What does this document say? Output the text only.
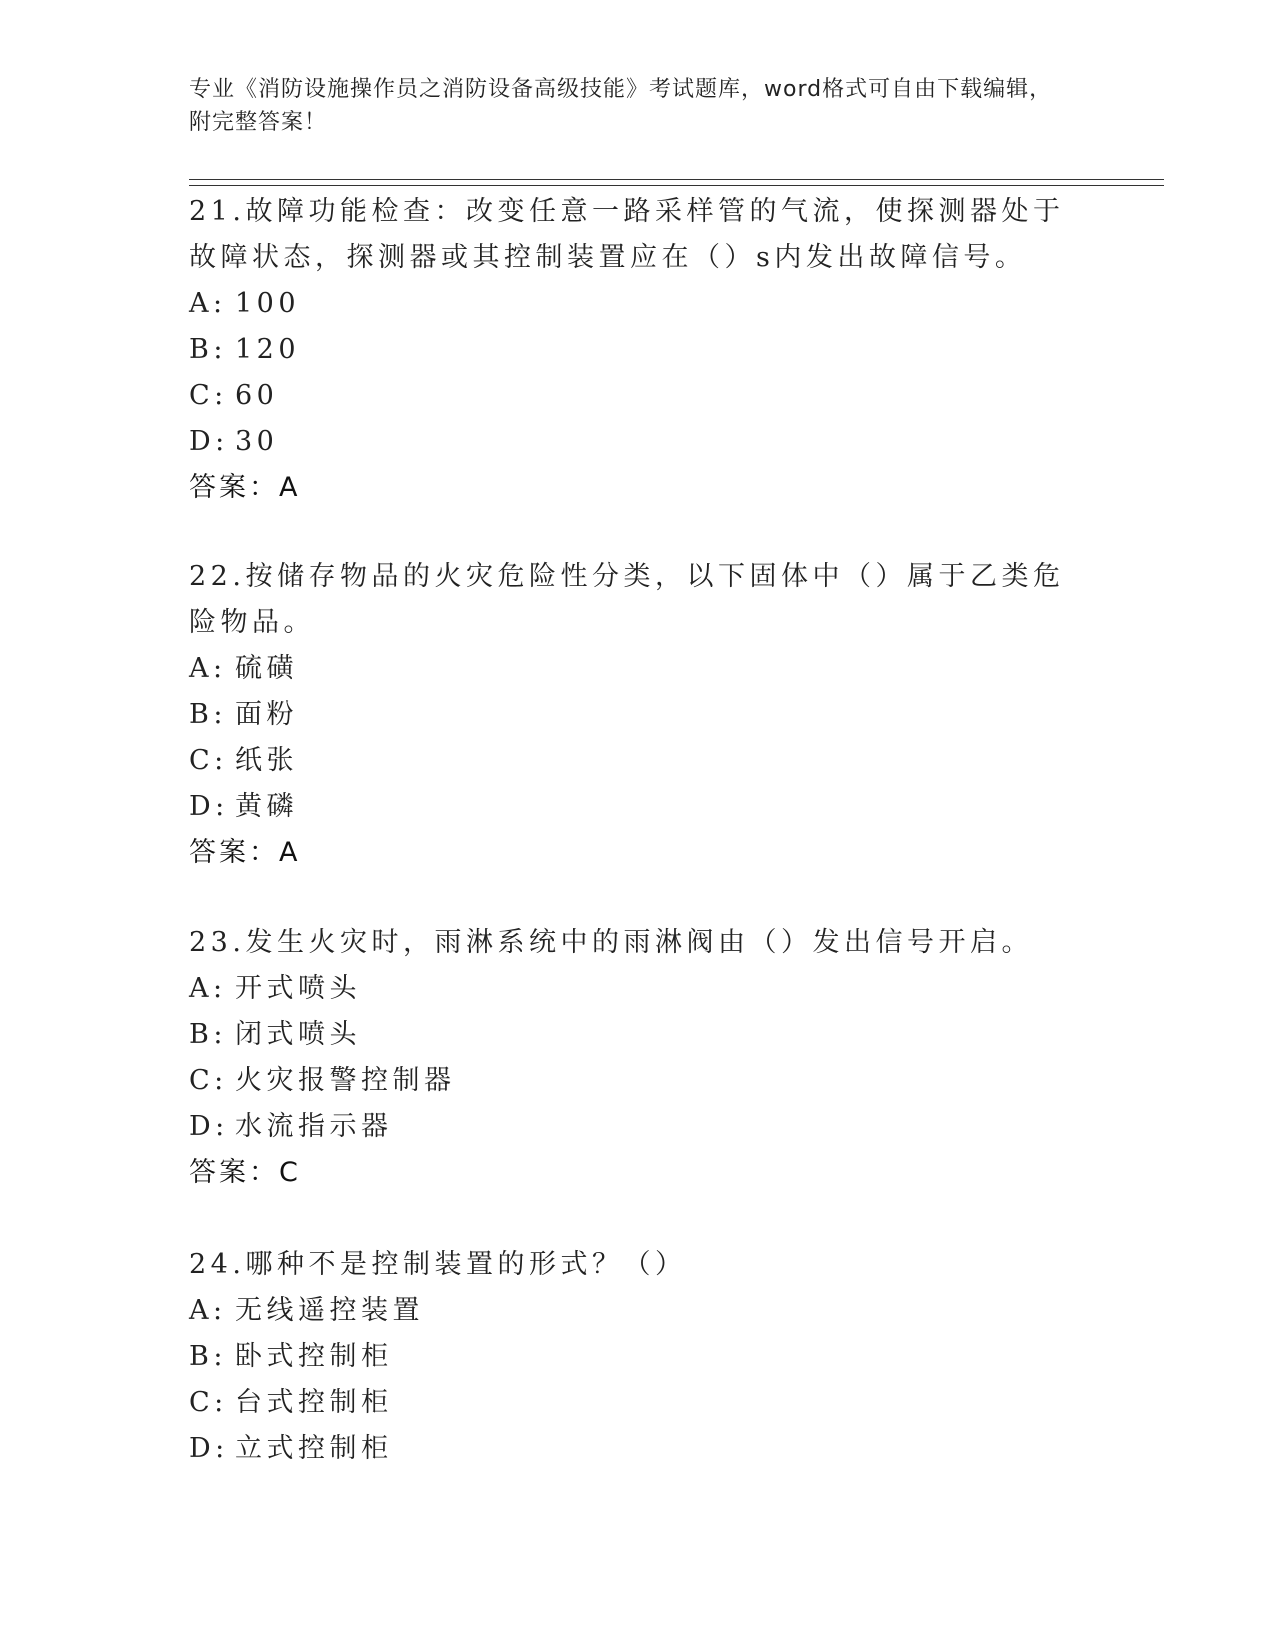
专业《消防设施操作员之消防设备高级技能》考试题库，word格式可自由下载编辑，附完整答案！

21.故障功能检查：改变任意一路采样管的气流，使探测器处于故障状态，探测器或其控制装置应在（）s内发出故障信号。

A: 100
B: 120
C: 60
D: 30
答案：A

22.按储存物品的火灾危险性分类，以下固体中（）属于乙类危险物品。

A: 硫磺
B: 面粉
C: 纸张
D: 黄磷
答案：A

23.发生火灾时，雨淋系统中的雨淋阀由（）发出信号开启。

A: 开式喷头
B: 闭式喷头
C: 火灾报警控制器
D: 水流指示器
答案：C

24.哪种不是控制装置的形式？（）

A: 无线遥控装置
B: 卧式控制柜
C: 台式控制柜
D: 立式控制柜
